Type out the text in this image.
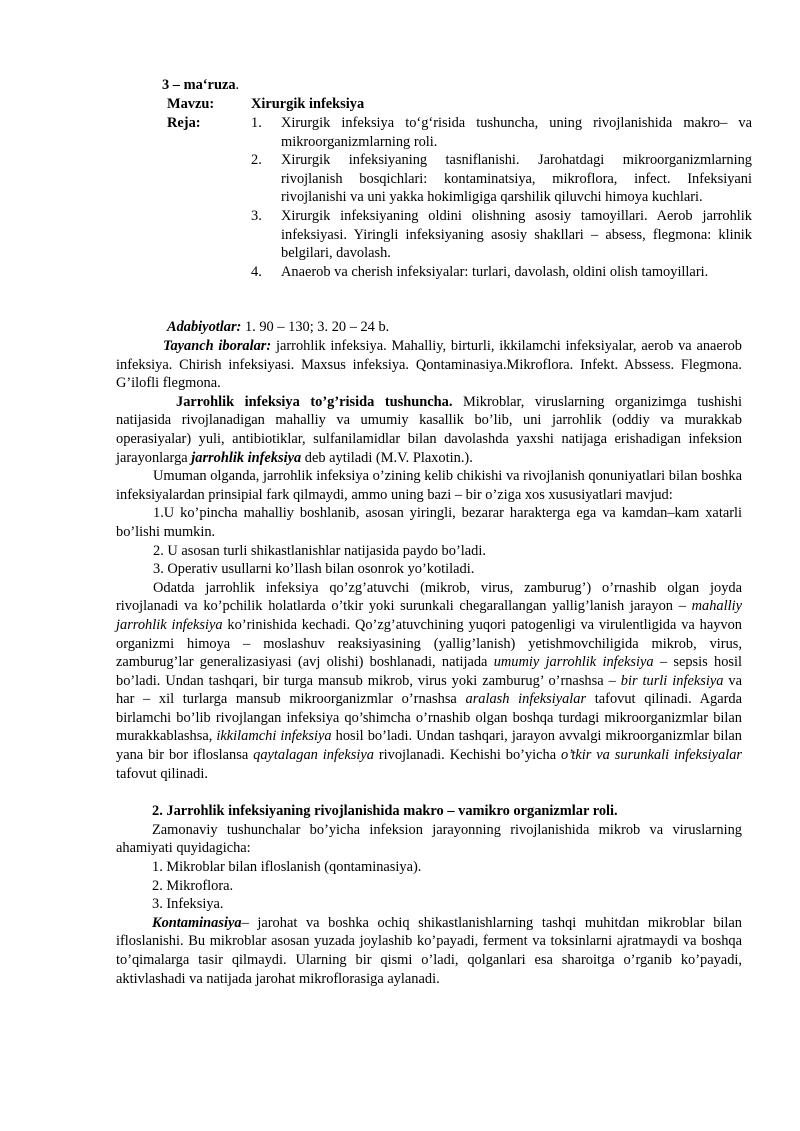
3 – ma‘ruza.
Mavzu:	Xirurgik infeksiya
Reja:	1. Xirurgik infeksiya to‘g‘risida tushuncha, uning rivojlanishida makro– va mikroorganizmlarning roli.
2. Xirurgik infeksiyaning tasniflanishi. Jarohatdagi mikroorganizmlarning rivojlanish bosqichlari: kontaminatsiya, mikroflora, infect. Infeksiyani rivojlanishi va uni yakka hokimligiga qarshilik qiluvchi himoya kuchlari.
3. Xirurgik infeksiyaning oldini olishning asosiy tamoyillari. Aerob jarrohlik infeksiyasi. Yiringli infeksiyaning asosiy shakllari – absess, flegmona: klinik belgilari, davolash.
4. Anaerob va cherish infeksiyalar: turlari, davolash, oldini olish tamoyillari.
Adabiyotlar: 1. 90 – 130; 3. 20 – 24 b.

Tayanch iboralar: jarrohlik infeksiya. Mahalliy, birturli, ikkilamchi infeksiyalar, aerob va anaerob infeksiya. Chirish infeksiyasi. Maxsus infeksiya. Qontaminasiya.Mikroflora. Infekt. Abssess. Flegmona. G’ilofli flegmona.

Jarrohlik infeksiya to’g’risida tushuncha. Mikroblar, viruslarning organizimga tushishi natijasida rivojlanadigan mahalliy va umumiy kasallik bo’lib, uni jarrohlik (oddiy va murakkab operasiyalar) yuli, antibiotiklar, sulfanilamidlar bilan davolashda yaxshi natijaga erishadigan infeksion jarayonlarga jarrohlik infeksiya deb aytiladi (M.V. Plaxotin.).

Umuman olganda, jarrohlik infeksiya o’zining kelib chikishi va rivojlanish qonuniyatlari bilan boshka infeksiyalardan prinsipial fark qilmaydi, ammo uning bazi – bir o’ziga xos xususiyatlari mavjud:

1.U ko’pincha mahalliy boshlanib, asosan yiringli, bezarar harakterga ega va kamdan–kam xatarli bo’lishi mumkin.

2. U asosan turli shikastlanishlar natijasida paydo bo’ladi.

3. Operativ usullarni ko’llash bilan osonrok yo’kotiladi.

Odatda jarrohlik infeksiya qo’zg’atuvchi (mikrob, virus, zamburug’) o’rnashib olgan joyda rivojlanadi va ko’pchilik holatlarda o’tkir yoki surunkali chegarallangan yallig’lanish jarayon – mahalliy jarrohlik infeksiya ko’rinishida kechadi. Qo’zg’atuvchining yuqori patogenligi va virulentligida va hayvon organizmi himoya – moslashuv reaksiyasining (yallig’lanish) yetishmovchiligida mikrob, virus, zamburug’lar generalizasiyasi (avj olishi) boshlanadi, natijada umumiy jarrohlik infeksiya – sepsis hosil bo’ladi. Undan tashqari, bir turga mansub mikrob, virus yoki zamburug’ o’rnashsa – bir turli infeksiya va har – xil turlarga mansub mikroorganizmlar o’rnashsa aralash infeksiyalar tafovut qilinadi. Agarda birlamchi bo’lib rivojlangan infeksiya qo’shimcha o’rnashib olgan boshqa turdagi mikroorganizmlar bilan murakkablashsa, ikkilamchi infeksiya hosil bo’ladi. Undan tashqari, jarayon avvalgi mikroorganizmlar bilan yana bir bor ifloslansa qaytalagan infeksiya rivojlanadi. Kechishi bo’yicha o’tkir va surunkali infeksiyalar tafovut qilinadi.

2. Jarrohlik infeksiyaning rivojlanishida makro – vamikro organizmlar roli.

Zamonaviy tushunchalar bo’yicha infeksion jarayonning rivojlanishida mikrob va viruslarning ahamiyati quyidagicha:

1. Mikroblar bilan ifloslanish (qontaminasiya).

2. Mikroflora.

3. Infeksiya.

Kontaminasiya– jarohat va boshka ochiq shikastlanishlarning tashqi muhitdan mikroblar bilan ifloslanishi. Bu mikroblar asosan yuzada joylashib ko’payadi, ferment va toksinlarni ajratmaydi va boshqa to’qimalarga tasir qilmaydi. Ularning bir qismi o’ladi, qolganlari esa sharoitga o’rganib ko’payadi, aktivlashadi va natijada jarohat mikroflorasiga aylanadi.
